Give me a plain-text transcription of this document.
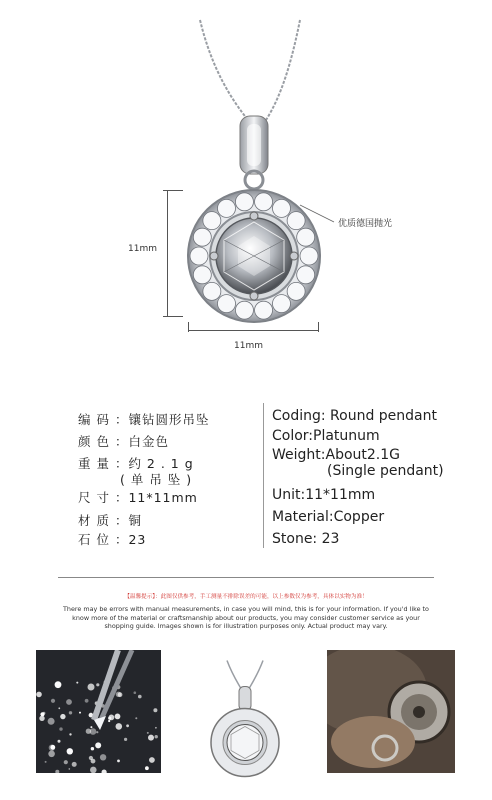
11mm
11mm
优质德国抛光
编 码 ：镶钻圆形吊坠
颜 色 ：白金色
重 量 ：约 2 . 1 g
( 单 吊 坠 )
尺 寸 ：11*11mm
材 质 ：铜
石 位 ：23
Coding: Round pendant
Color:Platunum
Weight:About2.1G
(Single pendant)
Unit:11*11mm
Material:Copper
Stone: 23
【温馨提示】：此图仅供参考，手工测量不排除误差的可能，以上参数仅为参考，具体以实物为准！
There may be errors with manual measurements, in case you will mind, this is for your information. If you'd like to know more of the material or craftsmanship about our products, you may consider customer service as your shopping guide. Images shown is for illustration purposes only. Actual product may vary.
